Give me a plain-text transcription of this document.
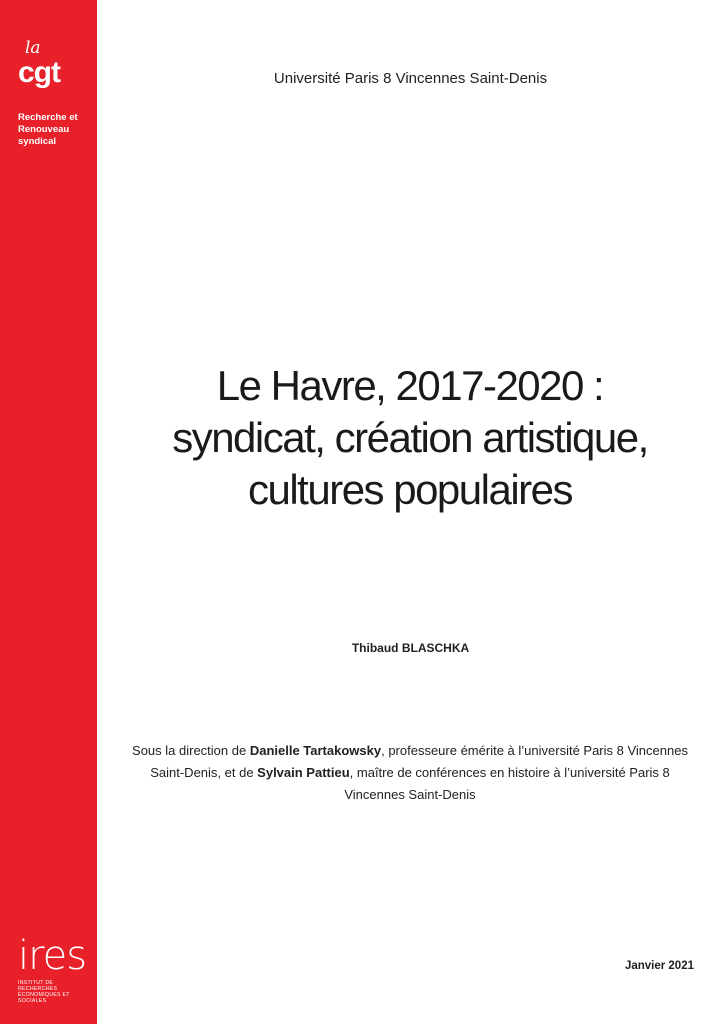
la
cgt
Recherche et
Renouveau
syndical
ires
INSTITUT DE RECHERCHES
ÉCONOMIQUES ET SOCIALES
Université Paris 8 Vincennes Saint-Denis
Le Havre, 2017-2020 :
syndicat, création artistique,
cultures populaires
Thibaud BLASCHKA
Sous la direction de Danielle Tartakowsky, professeure émérite à l’université Paris 8 Vincennes Saint-Denis, et de Sylvain Pattieu, maître de conférences en histoire à l’université Paris 8 Vincennes Saint-Denis
Janvier 2021
